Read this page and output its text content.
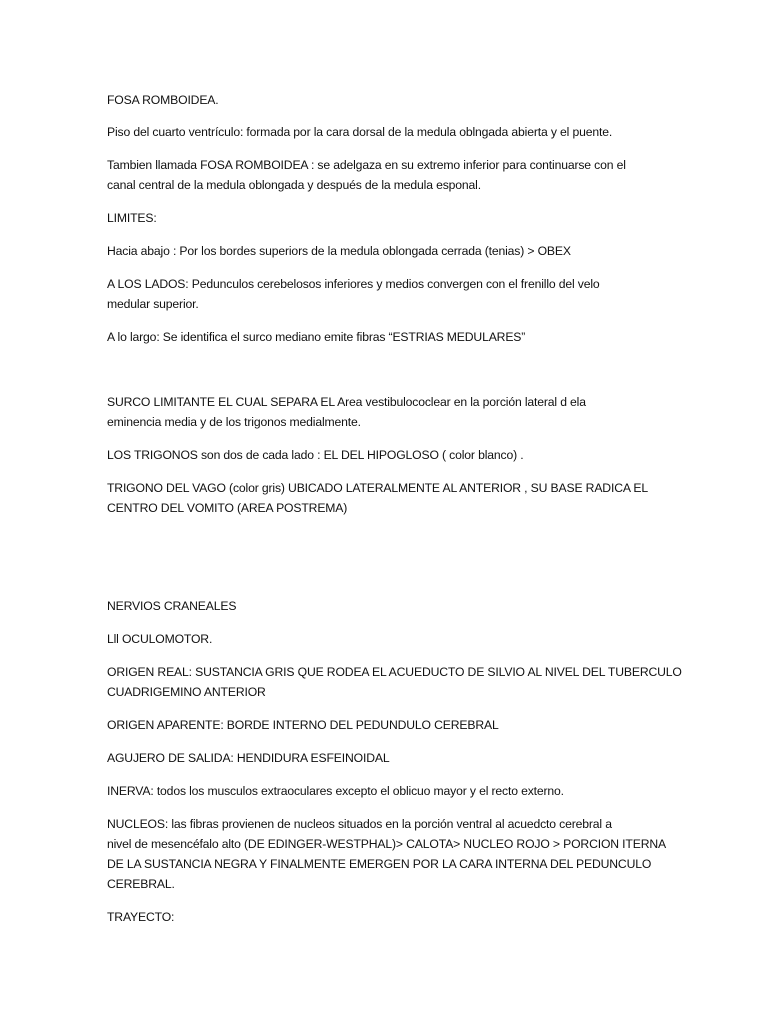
FOSA ROMBOIDEA.
Piso del cuarto ventrículo: formada por la cara dorsal de la medula oblngada abierta y el puente.
Tambien llamada FOSA ROMBOIDEA : se adelgaza en su extremo inferior para continuarse con el
canal central de la medula oblongada y después de la medula esponal.
LIMITES:
Hacia abajo : Por los bordes superiors de la medula oblongada cerrada (tenias) > OBEX
A LOS LADOS: Pedunculos cerebelosos inferiores y medios convergen con el frenillo del velo
medular superior.
A lo largo: Se identifica el surco mediano emite fibras “ESTRIAS MEDULARES”
SURCO LIMITANTE EL CUAL SEPARA EL Area vestibulococlear en la porción lateral d ela
eminencia media y de los trigonos medialmente.
LOS TRIGONOS son dos de cada lado : EL DEL HIPOGLOSO ( color blanco) .
TRIGONO DEL VAGO (color gris) UBICADO LATERALMENTE AL ANTERIOR , SU BASE RADICA EL
CENTRO DEL VOMITO (AREA POSTREMA)
NERVIOS CRANEALES
Lll OCULOMOTOR.
ORIGEN REAL: SUSTANCIA GRIS QUE RODEA EL ACUEDUCTO DE SILVIO AL NIVEL DEL TUBERCULO
CUADRIGEMINO ANTERIOR
ORIGEN APARENTE: BORDE INTERNO DEL PEDUNDULO CEREBRAL
AGUJERO DE SALIDA: HENDIDURA ESFEINOIDAL
INERVA: todos los musculos extraoculares excepto el oblicuo mayor y el recto externo.
NUCLEOS: las fibras provienen de nucleos situados en la porción ventral al acuedcto cerebral a
nivel de mesencéfalo alto (DE EDINGER-WESTPHAL)> CALOTA> NUCLEO ROJO > PORCION ITERNA
DE LA SUSTANCIA NEGRA Y FINALMENTE EMERGEN POR LA CARA INTERNA DEL PEDUNCULO
CEREBRAL.
TRAYECTO:
